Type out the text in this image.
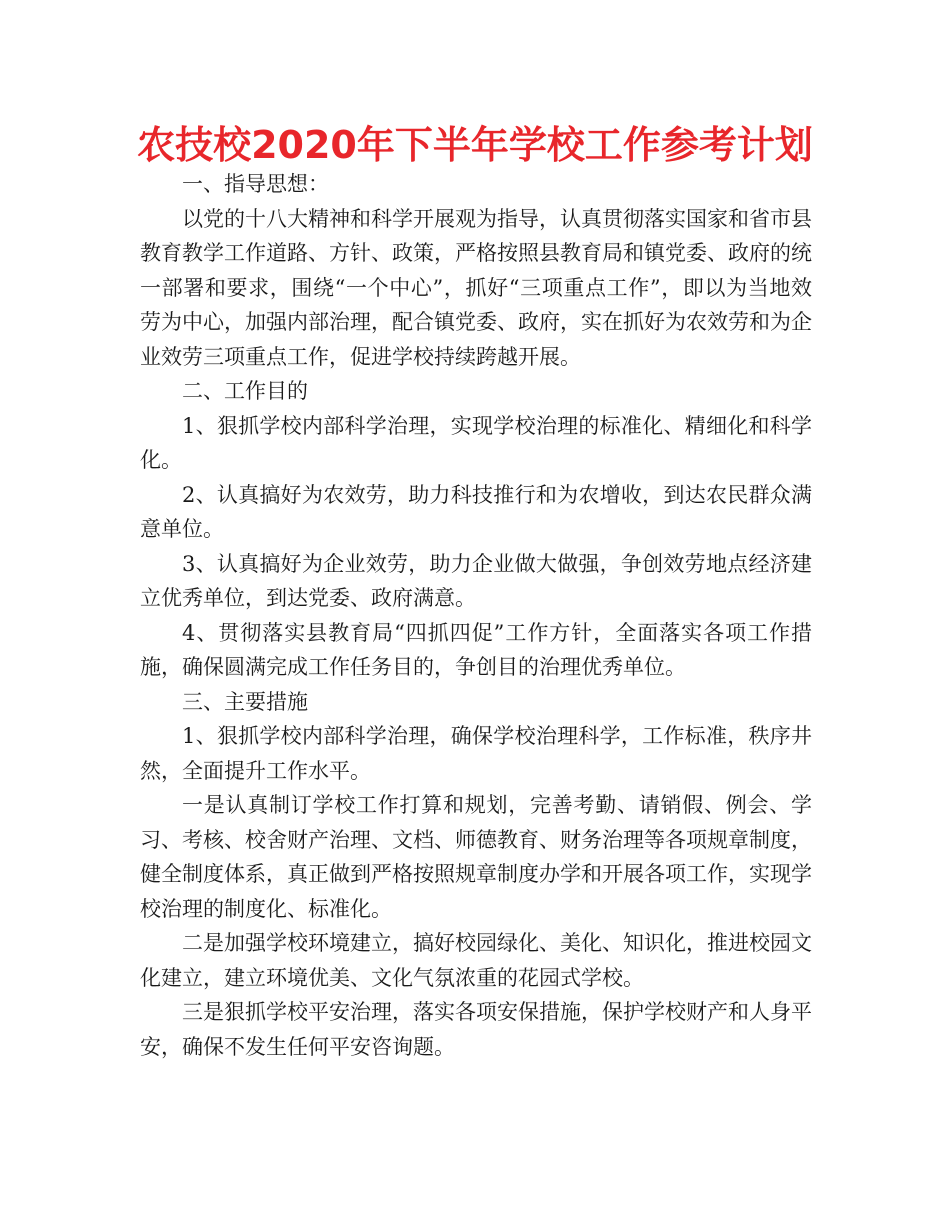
农技校2020年下半年学校工作参考计划

一、指导思想：

以党的十八大精神和科学开展观为指导，认真贯彻落实国家和省市县教育教学工作道路、方针、政策，严格按照县教育局和镇党委、政府的统一部署和要求，围绕“一个中心”，抓好“三项重点工作”，即以为当地效劳为中心，加强内部治理，配合镇党委、政府，实在抓好为农效劳和为企业效劳三项重点工作，促进学校持续跨越开展。

二、工作目的

1、狠抓学校内部科学治理，实现学校治理的标准化、精细化和科学化。

2、认真搞好为农效劳，助力科技推行和为农增收，到达农民群众满意单位。

3、认真搞好为企业效劳，助力企业做大做强，争创效劳地点经济建立优秀单位，到达党委、政府满意。

4、贯彻落实县教育局“四抓四促”工作方针，全面落实各项工作措施，确保圆满完成工作任务目的，争创目的治理优秀单位。

三、主要措施

1、狠抓学校内部科学治理，确保学校治理科学，工作标准，秩序井然，全面提升工作水平。

一是认真制订学校工作打算和规划，完善考勤、请销假、例会、学习、考核、校舍财产治理、文档、师德教育、财务治理等各项规章制度，健全制度体系，真正做到严格按照规章制度办学和开展各项工作，实现学校治理的制度化、标准化。

二是加强学校环境建立，搞好校园绿化、美化、知识化，推进校园文化建立，建立环境优美、文化气氛浓重的花园式学校。

三是狠抓学校平安治理，落实各项安保措施，保护学校财产和人身平安，确保不发生任何平安咨询题。
